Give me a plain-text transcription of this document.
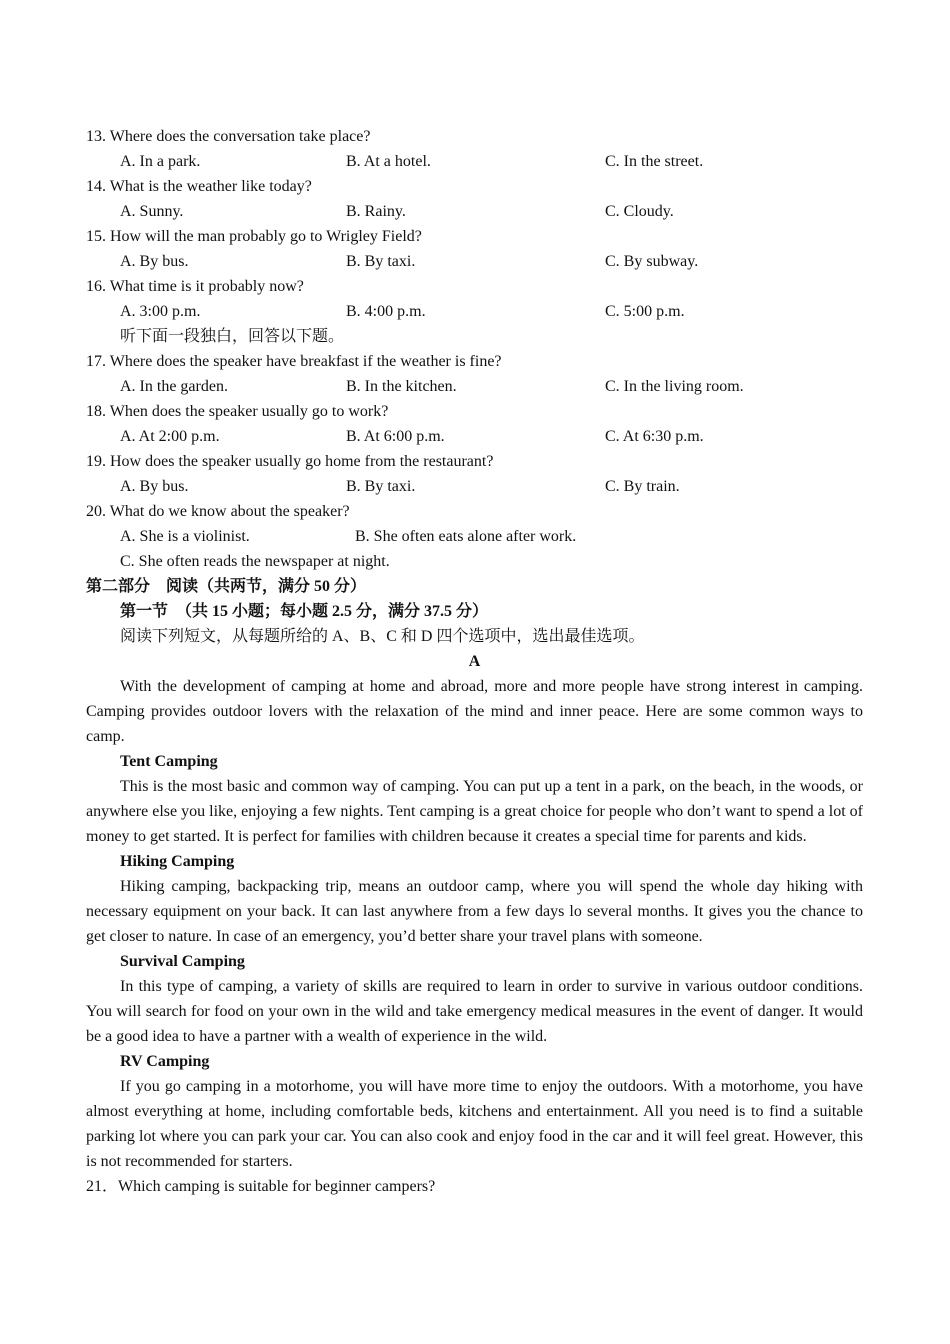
13. Where does the conversation take place?
A. In a park.	B. At a hotel.	C. In the street.
14. What is the weather like today?
A. Sunny.	B. Rainy.	C. Cloudy.
15. How will the man probably go to Wrigley Field?
A. By bus.	B. By taxi.	C. By subway.
16. What time is it probably now?
A. 3:00 p.m.	B. 4:00 p.m.	C. 5:00 p.m.
听下面一段独白，回答以下题。
17. Where does the speaker have breakfast if the weather is fine?
A. In the garden.	B. In the kitchen.	C. In the living room.
18. When does the speaker usually go to work?
A. At 2:00 p.m.	B. At 6:00 p.m.	C. At 6:30 p.m.
19. How does the speaker usually go home from the restaurant?
A. By bus.	B. By taxi.	C. By train.
20. What do we know about the speaker?
A. She is a violinist.	B. She often eats alone after work.
C. She often reads the newspaper at night.
第二部分　阅读（共两节，满分 50 分）
第一节　（共 15 小题；每小题 2.5 分，满分 37.5 分）
阅读下列短文，从每题所给的 A、B、C 和 D 四个选项中，选出最佳选项。
A
With the development of camping at home and abroad, more and more people have strong interest in camping. Camping provides outdoor lovers with the relaxation of the mind and inner peace. Here are some common ways to camp.
Tent Camping
This is the most basic and common way of camping. You can put up a tent in a park, on the beach, in the woods, or anywhere else you like, enjoying a few nights. Tent camping is a great choice for people who don’t want to spend a lot of money to get started. It is perfect for families with children because it creates a special time for parents and kids.
Hiking Camping
Hiking camping, backpacking trip, means an outdoor camp, where you will spend the whole day hiking with necessary equipment on your back. It can last anywhere from a few days lo several months. It gives you the chance to get closer to nature. In case of an emergency, you’d better share your travel plans with someone.
Survival Camping
In this type of camping, a variety of skills are required to learn in order to survive in various outdoor conditions. You will search for food on your own in the wild and take emergency medical measures in the event of danger. It would be a good idea to have a partner with a wealth of experience in the wild.
RV Camping
If you go camping in a motorhome, you will have more time to enjoy the outdoors. With a motorhome, you have almost everything at home, including comfortable beds, kitchens and entertainment. All you need is to find a suitable parking lot where you can park your car. You can also cook and enjoy food in the car and it will feel great. However, this is not recommended for starters.
21．Which camping is suitable for beginner campers?
